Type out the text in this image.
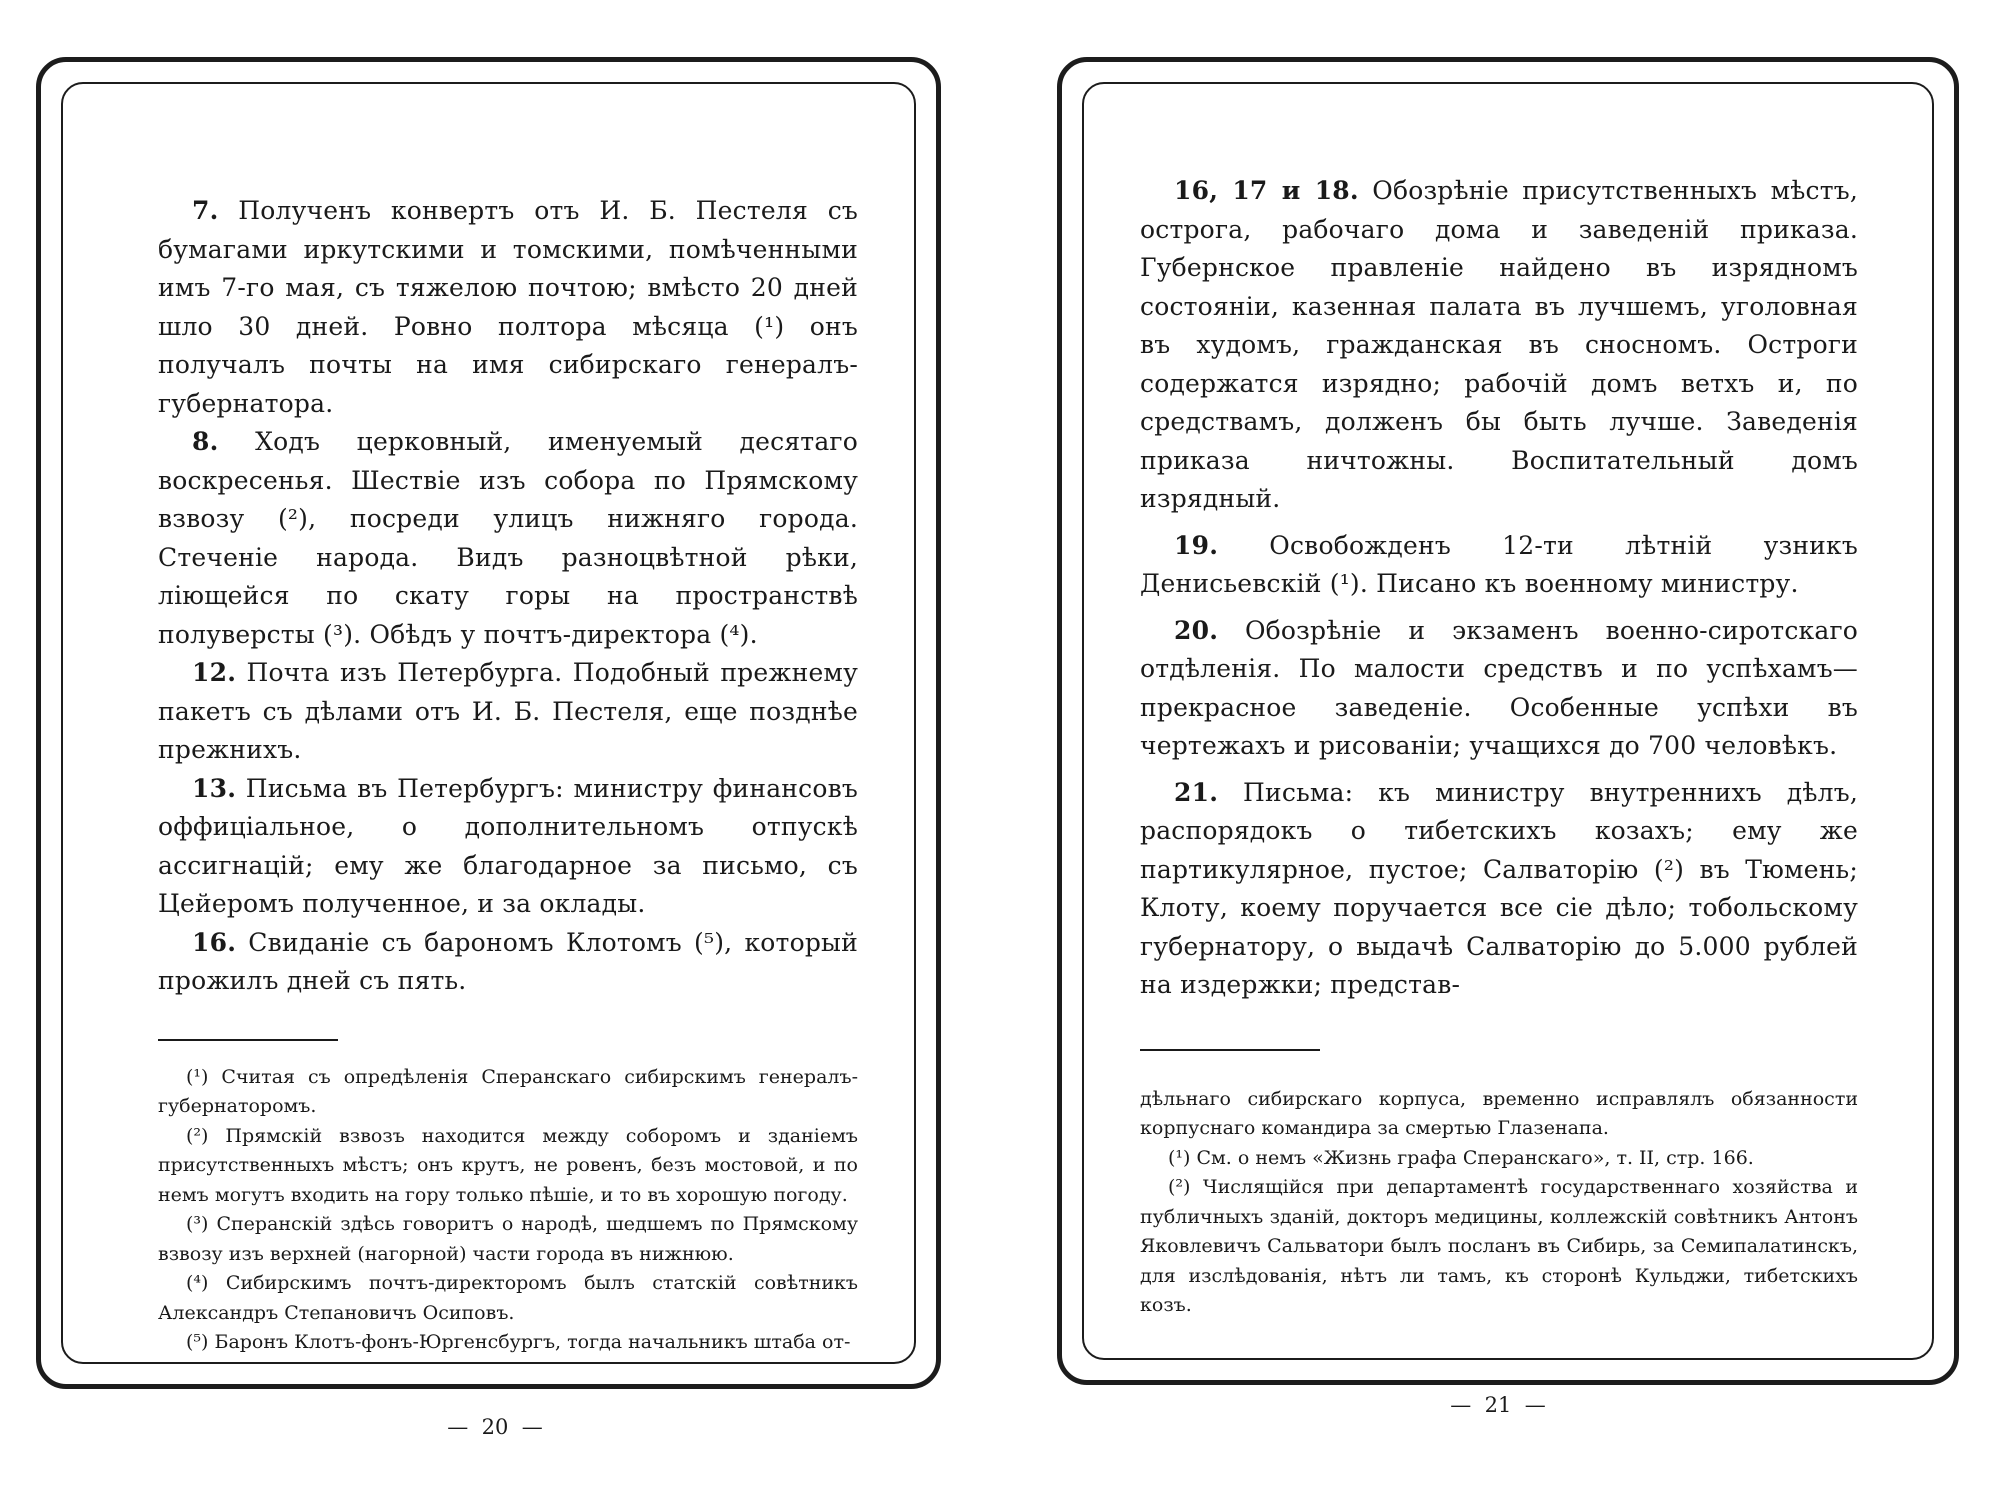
7. Полученъ конвертъ отъ И. Б. Пестеля съ бумагами иркутскими и томскими, помѣченными имъ 7-го мая, съ тяжелою почтою; вмѣсто 20 дней шло 30 дней. Ровно полтора мѣсяца (¹) онъ получалъ почты на имя сибирскаго генералъ-губернатора.

8. Ходъ церковный, именуемый десятаго воскресенья. Шествіе изъ собора по Прямскому взвозу (²), посреди улицъ нижняго города. Стеченіе народа. Видъ разноцвѣтной рѣки, ліющейся по скату горы на пространствѣ полуверсты (³). Обѣдъ у почтъ-директора (⁴).

12. Почта изъ Петербурга. Подобный прежнему пакетъ съ дѣлами отъ И. Б. Пестеля, еще позднѣе прежнихъ.

13. Письма въ Петербургъ: министру финансовъ оффиціальное, о дополнительномъ отпускѣ ассигнацій; ему же благодарное за письмо, съ Цейеромъ полученное, и за оклады.

16. Свиданіе съ барономъ Клотомъ (⁵), который прожилъ дней съ пять.

(¹) Считая съ опредѣленія Сперанскаго сибирскимъ генералъ-губернаторомъ.

(²) Прямскій взвозъ находится между соборомъ и зданіемъ присутственныхъ мѣстъ; онъ крутъ, не ровенъ, безъ мостовой, и по немъ могутъ входить на гору только пѣшіе, и то въ хорошую погоду.

(³) Сперанскій здѣсь говоритъ о народѣ, шедшемъ по Прямскому взвозу изъ верхней (нагорной) части города въ нижнюю.

(⁴) Сибирскимъ почтъ-директоромъ былъ статскій совѣтникъ Александръ Степановичъ Осиповъ.

(⁵) Баронъ Клотъ-фонъ-Юргенсбургъ, тогда начальникъ штаба от-

16, 17 и 18. Обозрѣніе присутственныхъ мѣстъ, острога, рабочаго дома и заведеній приказа. Губернское правленіе найдено въ изрядномъ состояніи, казенная палата въ лучшемъ, уголовная въ худомъ, гражданская въ сносномъ. Остроги содержатся изрядно; рабочій домъ ветхъ и, по средствамъ, долженъ бы быть лучше. Заведенія приказа ничтожны. Воспитательный домъ изрядный.

19. Освобожденъ 12-ти лѣтній узникъ Денисьевскій (¹). Писано къ военному министру.

20. Обозрѣніе и экзаменъ военно-сиротскаго отдѣленія. По малости средствъ и по успѣхамъ—прекрасное заведеніе. Особенные успѣхи въ чертежахъ и рисованіи; учащихся до 700 человѣкъ.

21. Письма: къ министру внутреннихъ дѣлъ, распорядокъ о тибетскихъ козахъ; ему же партикулярное, пустое; Салваторію (²) въ Тюмень; Клоту, коему поручается все сіе дѣло; тобольскому губернатору, о выдачѣ Салваторію до 5.000 рублей на издержки; представ-

дѣльнаго сибирскаго корпуса, временно исправлялъ обязанности корпуснаго командира за смертью Глазенапа.

(¹) См. о немъ «Жизнь графа Сперанскаго», т. II, стр. 166.

(²) Числящійся при департаментѣ государственнаго хозяйства и публичныхъ зданій, докторъ медицины, коллежскій совѣтникъ Антонъ Яковлевичъ Сальватори былъ посланъ въ Сибирь, за Семипалатинскъ, для изслѣдованія, нѣтъ ли тамъ, къ сторонѣ Кульджи, тибетскихъ козъ.

—  20  —
—  21  —
